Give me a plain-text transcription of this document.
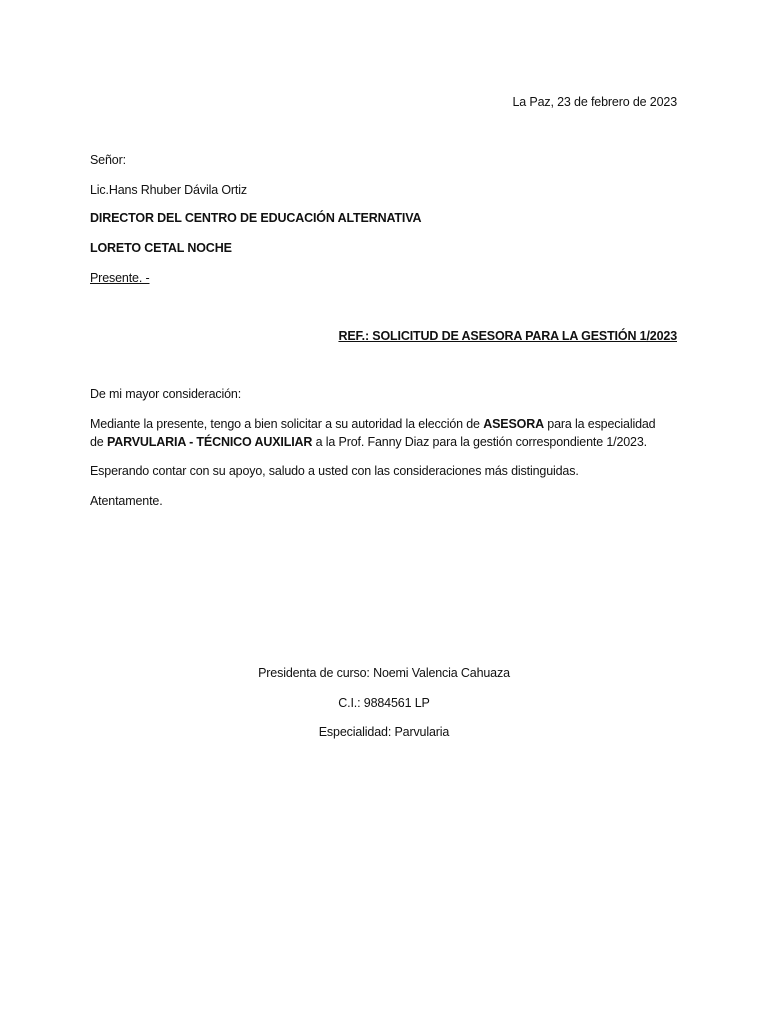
La Paz, 23 de febrero de 2023
Señor:
Lic.Hans Rhuber Dávila Ortiz
DIRECTOR DEL CENTRO DE EDUCACIÓN ALTERNATIVA
LORETO CETAL NOCHE
Presente. -
REF.: SOLICITUD DE ASESORA PARA LA GESTIÓN 1/2023
De mi mayor consideración:
Mediante la presente, tengo a bien solicitar a su autoridad la elección de ASESORA para la especialidad
de PARVULARIA - TÉCNICO AUXILIAR a la Prof. Fanny Diaz para la gestión correspondiente 1/2023.
Esperando contar con su apoyo, saludo a usted con las consideraciones más distinguidas.
Atentamente.
Presidenta de curso: Noemi Valencia Cahuaza
C.I.: 9884561 LP
Especialidad: Parvularia
